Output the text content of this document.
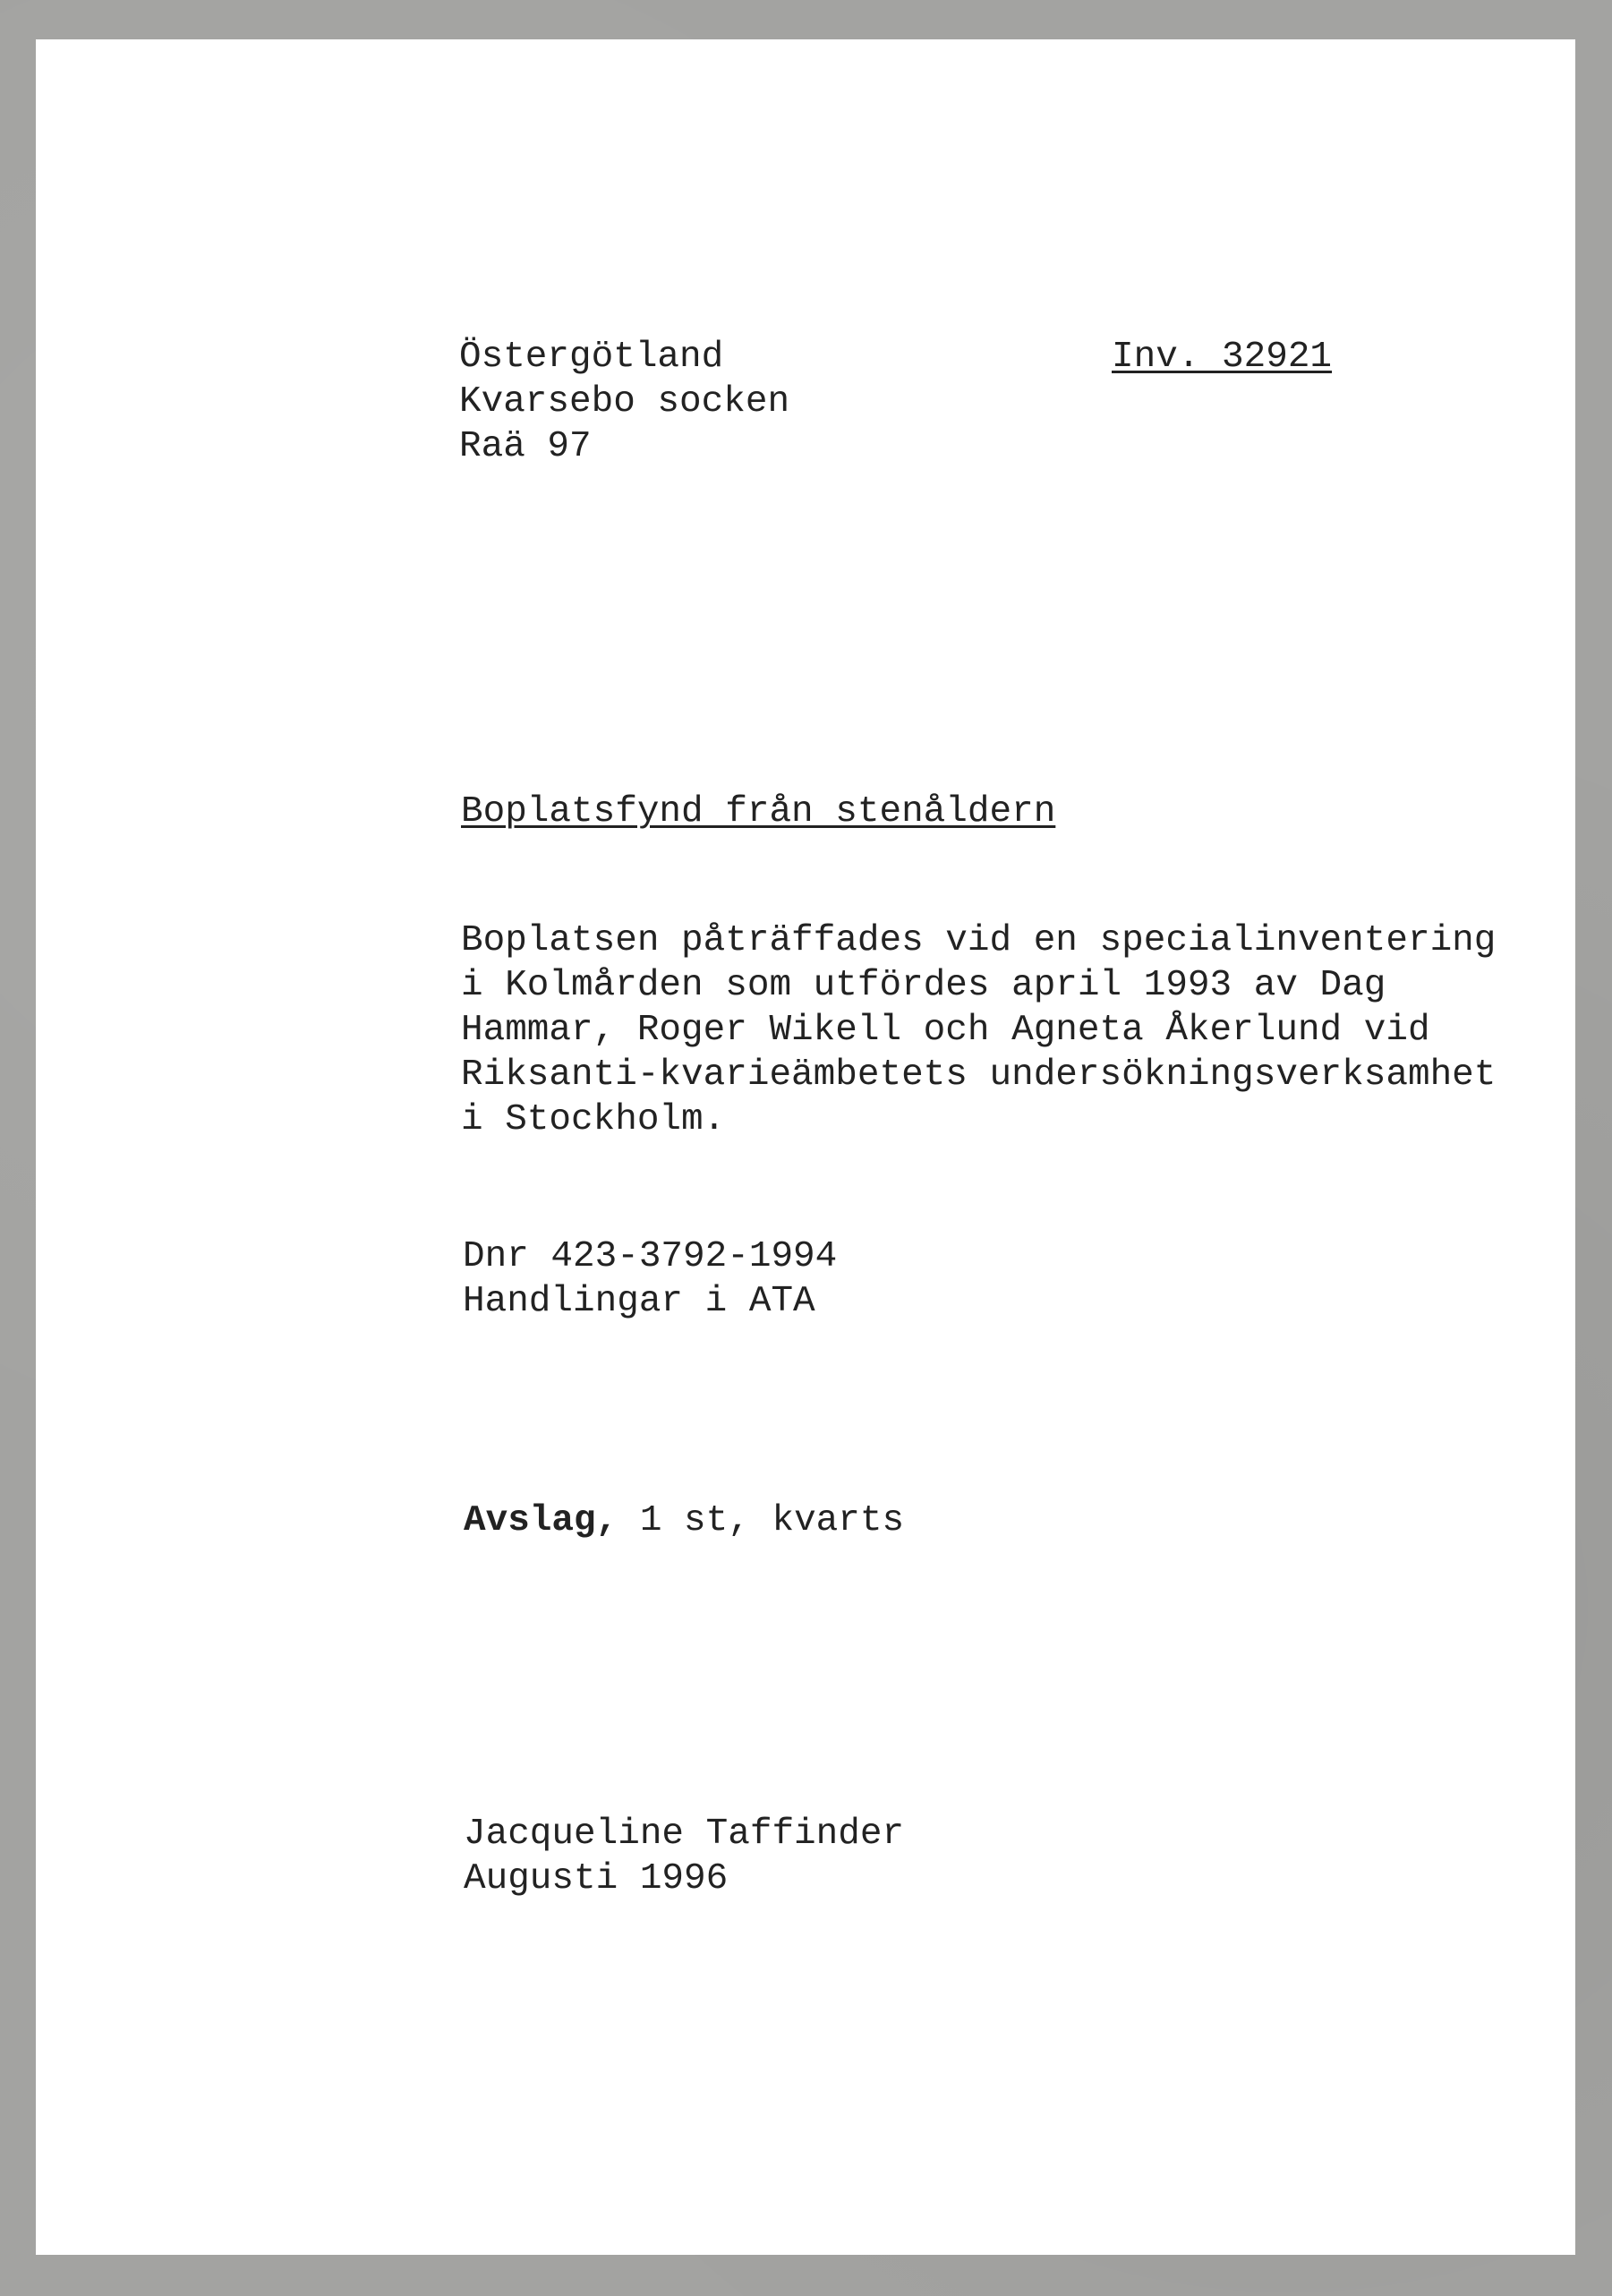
Östergötland

Kvarsebo socken

Raä 97

Inv. 32921

Boplatsfynd från stenåldern

Boplatsen påträffades vid en specialinventering

i Kolmården som utfördes april 1993 av Dag

Hammar, Roger Wikell och Agneta Åkerlund vid

Riksanti-kvarieämbetets undersökningsverksamhet

i Stockholm.

Dnr 423-3792-1994

Handlingar i ATA

Avslag, 1 st, kvarts

Jacqueline Taffinder

Augusti 1996
